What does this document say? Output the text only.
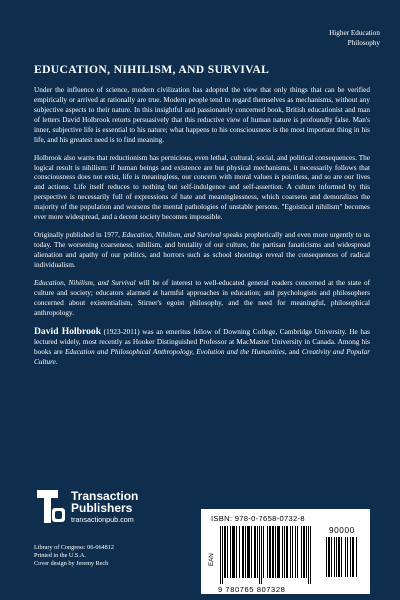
Higher Education
Philosophy
EDUCATION, NIHILISM, AND SURVIVAL

Under the influence of science, modern civilization has adopted the view that only things that can be verified empirically or arrived at rationally are true. Modern people tend to regard themselves as mechanisms, without any subjective aspects to their nature. In this insightful and passionately concerned book, British educationist and man of letters David Holbrook retorts persuasively that this reductive view of human nature is profoundly false. Man's inner, subjective life is essential to his nature; what happens to his consciousness is the most important thing in his life, and his greatest need is to find meaning.

Holbrook also warns that reductionism has pernicious, even lethal, cultural, social, and political consequences. The logical result is nihilism: if human beings and existence are but physical mechanisms, it necessarily follows that consciousness does not exist, life is meaningless, our concern with moral values is pointless, and so are our lives and actions. Life itself reduces to nothing but self-indulgence and self-assertion. A culture informed by this perspective is necessarily full of expressions of hate and meaninglessness, which coarsens and demoralizes the majority of the population and worsens the mental pathologies of unstable persons. "Egoistical nihilism" becomes ever more widespread, and a decent society becomes impossible.

Originally published in 1977, Education, Nihilism, and Survival speaks prophetically and even more urgently to us today. The worsening coarseness, nihilism, and brutality of our culture, the partisan fanaticisms and widespread alienation and apathy of our politics, and horrors such as school shootings reveal the consequences of radical individualism.

Education, Nihilism, and Survival will be of interest to well-educated general readers concerned at the state of culture and society; educators alarmed at harmful approaches in education; and psychologists and philosophers concerned about existentialism, Stirner's egoist philosophy, and the need for meaningful, philosophical anthropology.

David Holbrook (1923-2011) was an emeritus fellow of Downing College, Cambridge University. He has lectured widely, most recently as Hooker Distinguished Professor at MacMaster University in Canada. Among his books are Education and Philosophical Anthropology, Evolution and the Humanities, and Creativity and Popular Culture.

Transaction
Publishers
transactionpub.com
Library of Congress: 06-064812
Printed in the U.S.A.
Cover design by Jeremy Rech
ISBN: 978-0-7658-0732-8
EAN
90000
9 780765 807328
